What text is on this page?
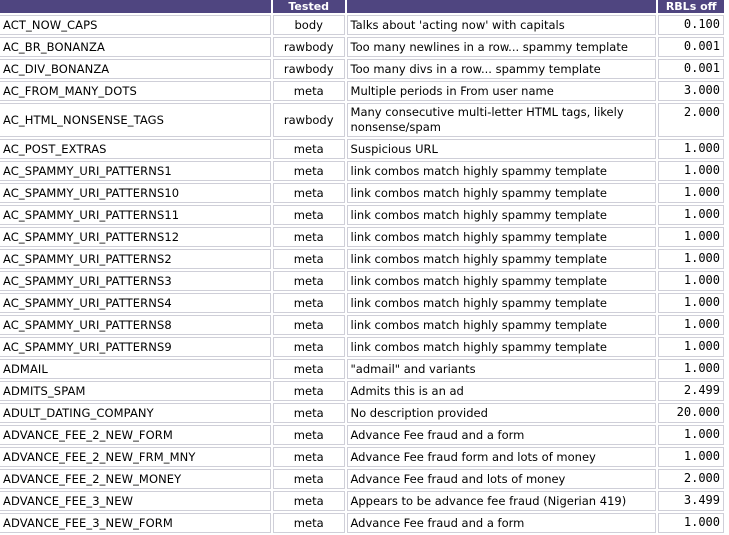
	Tested		RBLs off
ACT_NOW_CAPS	body	Talks about 'acting now' with capitals	0.100
AC_BR_BONANZA	rawbody	Too many newlines in a row... spammy template	0.001
AC_DIV_BONANZA	rawbody	Too many divs in a row... spammy template	0.001
AC_FROM_MANY_DOTS	meta	Multiple periods in From user name	3.000
AC_HTML_NONSENSE_TAGS	rawbody	Many consecutive multi-letter HTML tags, likely nonsense/spam	2.000
AC_POST_EXTRAS	meta	Suspicious URL	1.000
AC_SPAMMY_URI_PATTERNS1	meta	link combos match highly spammy template	1.000
AC_SPAMMY_URI_PATTERNS10	meta	link combos match highly spammy template	1.000
AC_SPAMMY_URI_PATTERNS11	meta	link combos match highly spammy template	1.000
AC_SPAMMY_URI_PATTERNS12	meta	link combos match highly spammy template	1.000
AC_SPAMMY_URI_PATTERNS2	meta	link combos match highly spammy template	1.000
AC_SPAMMY_URI_PATTERNS3	meta	link combos match highly spammy template	1.000
AC_SPAMMY_URI_PATTERNS4	meta	link combos match highly spammy template	1.000
AC_SPAMMY_URI_PATTERNS8	meta	link combos match highly spammy template	1.000
AC_SPAMMY_URI_PATTERNS9	meta	link combos match highly spammy template	1.000
ADMAIL	meta	"admail" and variants	1.000
ADMITS_SPAM	meta	Admits this is an ad	2.499
ADULT_DATING_COMPANY	meta	No description provided	20.000
ADVANCE_FEE_2_NEW_FORM	meta	Advance Fee fraud and a form	1.000
ADVANCE_FEE_2_NEW_FRM_MNY	meta	Advance Fee fraud form and lots of money	1.000
ADVANCE_FEE_2_NEW_MONEY	meta	Advance Fee fraud and lots of money	2.000
ADVANCE_FEE_3_NEW	meta	Appears to be advance fee fraud (Nigerian 419)	3.499
ADVANCE_FEE_3_NEW_FORM	meta	Advance Fee fraud and a form	1.000
